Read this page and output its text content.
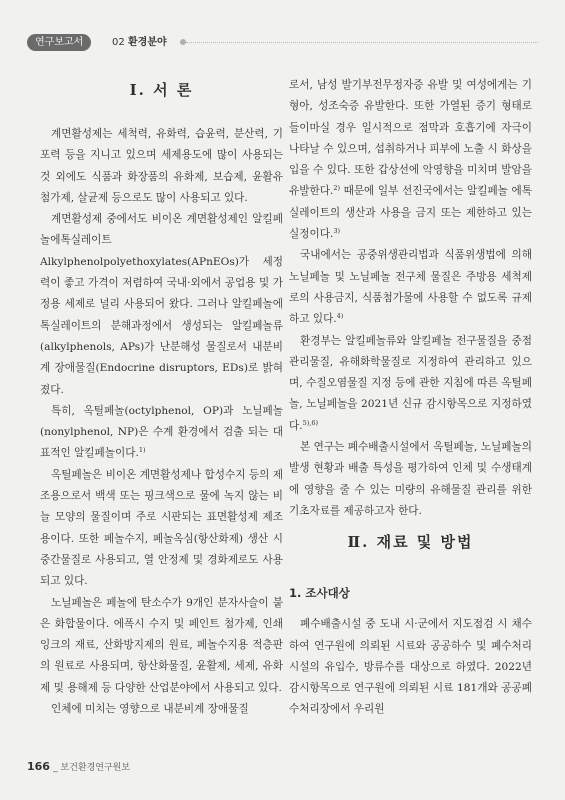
연구보고서	02 환경분야
Ⅰ. 서 론

계면활성제는 세척력, 유화력, 습윤력, 분산력, 기포력 등을 지니고 있으며 세제용도에 많이 사용되는 것 외에도 식품과 화장품의 유화제, 보습제, 윤활유 첨가제, 살균제 등으로도 많이 사용되고 있다.

계면활성제 중에서도 비이온 계면활성제인 알킬페놀에톡실레이트Alkylphenolpolyethoxylates(APnEOs)가 세정력이 좋고 가격이 저렴하여 국내·외에서 공업용 및 가정용 세제로 널리 사용되어 왔다. 그러나 알킬페놀에톡실레이트의 분해과정에서 생성되는 알킬페놀류(alkylphenols, APs)가 난분해성 물질로서 내분비계 장애물질(Endocrine disruptors, EDs)로 밝혀졌다.

특히, 옥틸페놀(octylphenol, OP)과 노닐페놀(nonylphenol, NP)은 수계 환경에서 검출 되는 대표적인 알킬페놀이다.$^{1)}$

옥틸페놀은 비이온 계면활성제나 합성수지 등의 제조용으로서 백색 또는 핑크색으로 물에 녹지 않는 비늘 모양의 물질이며 주로 시판되는 표면활성제 제조용이다. 또한 페놀수지, 페놀옥심(항산화제) 생산 시 중간물질로 사용되고, 열 안정제 및 경화제로도 사용되고 있다.

노닐페놀은 페놀에 탄소수가 9개인 분자사슬이 붙은 화합물이다. 에폭시 수지 및 페인트 첨가제, 인쇄 잉크의 재료, 산화방지제의 원료, 페놀수지용 적층판의 원료로 사용되며, 항산화물질, 윤활제, 세제, 유화제 및 용해제 등 다양한 산업분야에서 사용되고 있다.

인체에 미치는 영향으로 내분비계 장애물질

로서, 남성 발기부전무정자증 유발 및 여성에게는 기형아, 성조숙증 유발한다. 또한 가열된 증기 형태로 들이마실 경우 일시적으로 점막과 호흡기에 자극이 나타날 수 있으며, 섭취하거나 피부에 노출 시 화상을 입을 수 있다. 또한 갑상선에 악영향을 미치며 발암을 유발한다.$^{2)}$ 때문에 일부 선진국에서는 알킬페놀 에톡실레이트의 생산과 사용을 금지 또는 제한하고 있는 실정이다.$^{3)}$

국내에서는 공중위생관리법과 식품위생법에 의해 노닐페놀 및 노닐페놀 전구체 물질은 주방용 세척제로의 사용금지, 식품첨가물에 사용할 수 없도록 규제하고 있다.$^{4)}$

환경부는 알킬페놀류와 알킬페놀 전구물질을 중점관리물질, 유해화학물질로 지정하여 관리하고 있으며, 수질오염물질 지정 등에 관한 지침에 따른 옥틸페놀, 노닐페놀을 2021년 신규 감시항목으로 지정하였다.$^{5),6)}$

본 연구는 폐수배출시설에서 옥틸페놀, 노닐페놀의 발생 현황과 배출 특성을 평가하여 인체 및 수생태계에 영향을 줄 수 있는 미량의 유해물질 관리를 위한 기초자료를 제공하고자 한다.

Ⅱ. 재료 및 방법
1. 조사대상

폐수배출시설 중 도내 시·군에서 지도점검 시 채수하여 연구원에 의뢰된 시료와 공공하수 및 폐수처리시설의 유입수, 방류수를 대상으로 하였다. 2022년 감시항목으로 연구원에 의뢰된 시료 181개와 공공폐수처리장에서 우리원

166 _ 보건환경연구원보
